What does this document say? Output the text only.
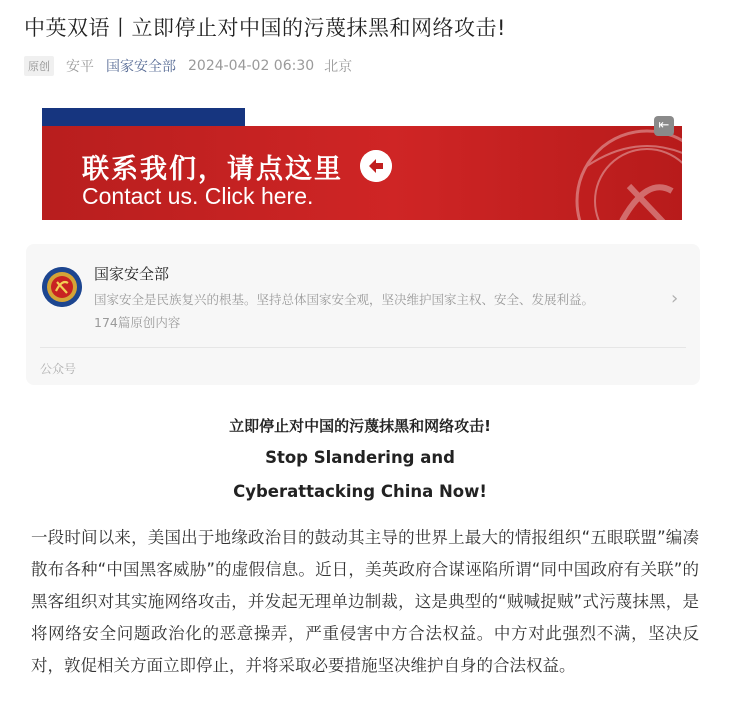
中英双语丨立即停止对中国的污蔑抹黑和网络攻击!
原创 安平 国家安全部 2024-04-02 06:30 北京
联系我们，请点这里
Contact us. Click here.
⇤
国家安全部
国家安全是民族复兴的根基。坚持总体国家安全观，坚决维护国家主权、安全、发展利益。
174篇原创内容
›
公众号
立即停止对中国的污蔑抹黑和网络攻击!
Stop Slandering and
Cyberattacking China Now!
一段时间以来，美国出于地缘政治目的鼓动其主导的世界上最大的情报组织“五眼联盟”编凑散布各种“中国黑客威胁”的虚假信息。近日，美英政府合谋诬陷所谓“同中国政府有关联”的黑客组织对其实施网络攻击，并发起无理单边制裁，这是典型的“贼喊捉贼”式污蔑抹黑，是将网络安全问题政治化的恶意操弄，严重侵害中方合法权益。中方对此强烈不满，坚决反对，敦促相关方面立即停止，并将采取必要措施坚决维护自身的合法权益。
